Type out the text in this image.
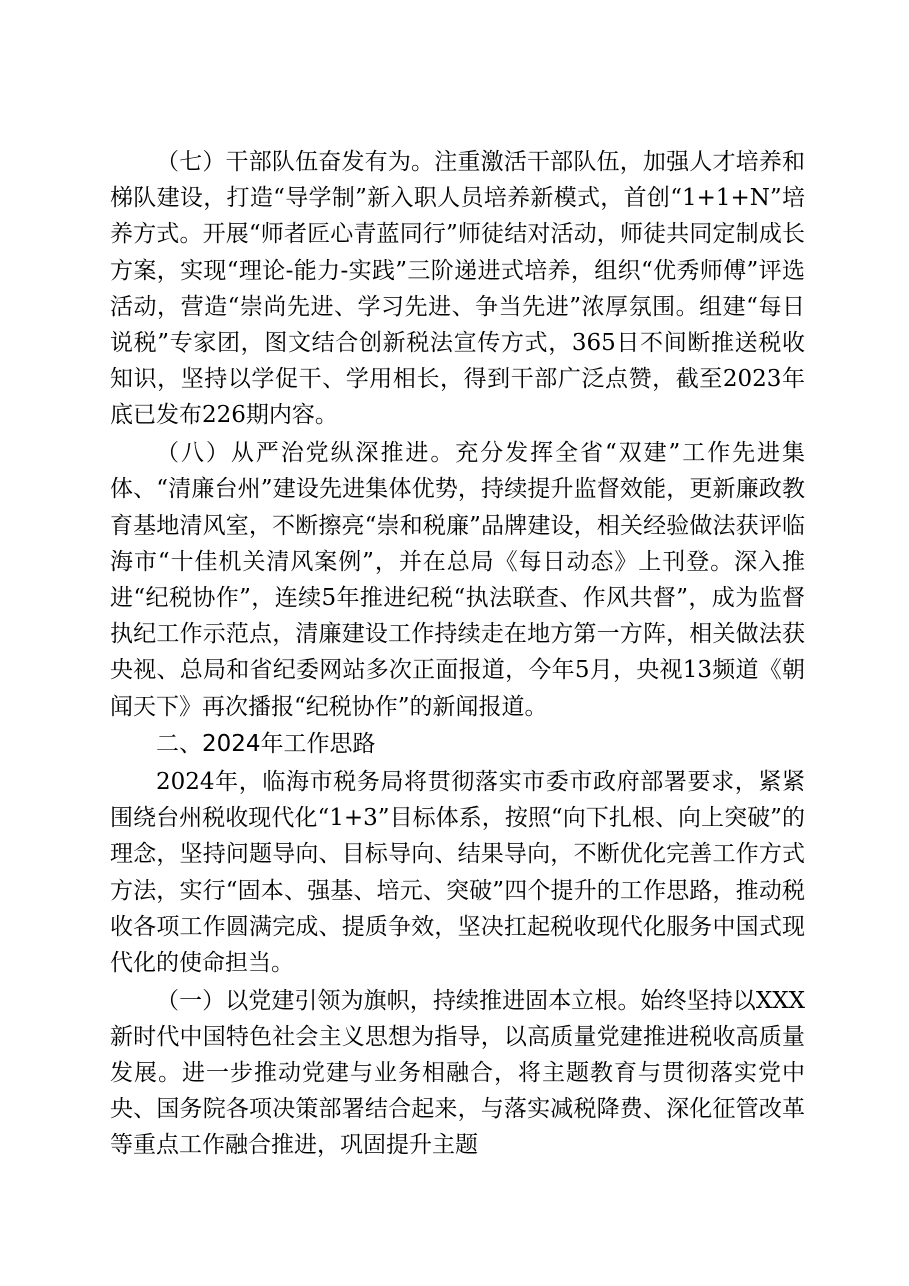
（七）干部队伍奋发有为。注重激活干部队伍，加强人才培养和梯队建设，打造“导学制”新入职人员培养新模式，首创“1+1+N”培养方式。开展“师者匠心青蓝同行”师徒结对活动，师徒共同定制成长方案，实现“理论-能力-实践”三阶递进式培养，组织“优秀师傅”评选活动，营造“崇尚先进、学习先进、争当先进”浓厚氛围。组建“每日说税”专家团，图文结合创新税法宣传方式，365日不间断推送税收知识，坚持以学促干、学用相长，得到干部广泛点赞，截至2023年底已发布226期内容。

（八）从严治党纵深推进。充分发挥全省“双建”工作先进集体、“清廉台州”建设先进集体优势，持续提升监督效能，更新廉政教育基地清风室，不断擦亮“崇和税廉”品牌建设，相关经验做法获评临海市“十佳机关清风案例”，并在总局《每日动态》上刊登。深入推进“纪税协作”，连续5年推进纪税“执法联查、作风共督”，成为监督执纪工作示范点，清廉建设工作持续走在地方第一方阵，相关做法获央视、总局和省纪委网站多次正面报道，今年5月，央视13频道《朝闻天下》再次播报“纪税协作”的新闻报道。

二、2024年工作思路

2024年，临海市税务局将贯彻落实市委市政府部署要求，紧紧围绕台州税收现代化“1+3”目标体系，按照“向下扎根、向上突破”的理念，坚持问题导向、目标导向、结果导向，不断优化完善工作方式方法，实行“固本、强基、培元、突破”四个提升的工作思路，推动税收各项工作圆满完成、提质争效，坚决扛起税收现代化服务中国式现代化的使命担当。

（一）以党建引领为旗帜，持续推进固本立根。始终坚持以XXX新时代中国特色社会主义思想为指导，以高质量党建推进税收高质量发展。进一步推动党建与业务相融合，将主题教育与贯彻落实党中央、国务院各项决策部署结合起来，与落实减税降费、深化征管改革等重点工作融合推进，巩固提升主题
